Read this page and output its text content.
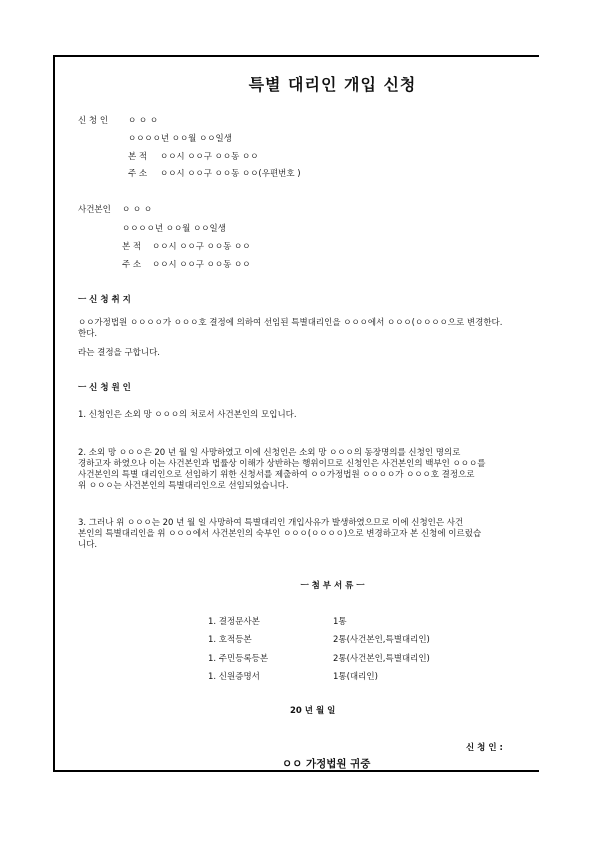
특별 대리인 개입 신청
신 청 인 ㅇ ㅇ ㅇ
ㅇㅇㅇㅇ년 ㅇㅇ월 ㅇㅇ일생
본 적 ㅇㅇ시 ㅇㅇ구 ㅇㅇ동 ㅇㅇ
주 소 ㅇㅇ시 ㅇㅇ구 ㅇㅇ동 ㅇㅇ(우편번호 )
사건본인 ㅇ ㅇ ㅇ
ㅇㅇㅇㅇ년 ㅇㅇ월 ㅇㅇ일생
본 적 ㅇㅇ시 ㅇㅇ구 ㅇㅇ동 ㅇㅇ
주 소 ㅇㅇ시 ㅇㅇ구 ㅇㅇ동 ㅇㅇ
ㅡ 신 청 취 지
ㅇㅇ가정법원 ㅇㅇㅇㅇ가 ㅇㅇㅇ호 결정에 의하여 선임된 특별대리인을 ㅇㅇㅇ에서 ㅇㅇㅇ(ㅇㅇㅇㅇ으로 변경한다.
한다.
라는 결정을 구합니다.
ㅡ 신 청 원 인
1. 신청인은 소외 망 ㅇㅇㅇ의 처로서 사건본인의 모입니다.
2. 소외 망 ㅇㅇㅇ은 20 년 월 일 사망하였고 이에 신청인은 소외 망 ㅇㅇㅇ의 동장명의를 신청인 명의로
경하고자 하였으나 이는 사건본인과 법률상 이해가 상반하는 행위이므로 신청인은 사건본인의 백부인 ㅇㅇㅇ를
사건본인의 특별 대리인으로 선임하기 위한 신청서를 제출하여 ㅇㅇ가정법원 ㅇㅇㅇㅇ가 ㅇㅇㅇ호 결정으로
위 ㅇㅇㅇ는 사건본인의 특별대리인으로 선임되었습니다.
3. 그러나 위 ㅇㅇㅇ는 20 년 월 일 사망하여 특별대리인 개입사유가 발생하였으므로 이에 신청인은 사건
본인의 특별대리인을 위 ㅇㅇㅇ에서 사건본인의 숙부인 ㅇㅇㅇ(ㅇㅇㅇㅇ)으로 변경하고자 본 신청에 이르렀습
니다.
ㅡ 첨 부 서 류 ㅡ
1. 결정문사본	1통
1. 호적등본	2통(사건본인,특별대리인)
1. 주민등록등본	2통(사건본인,특별대리인)
1. 신원증명서	1통(대리인)
20 년 월 일
신 청 인 :
ㅇㅇ 가정법원 귀중
